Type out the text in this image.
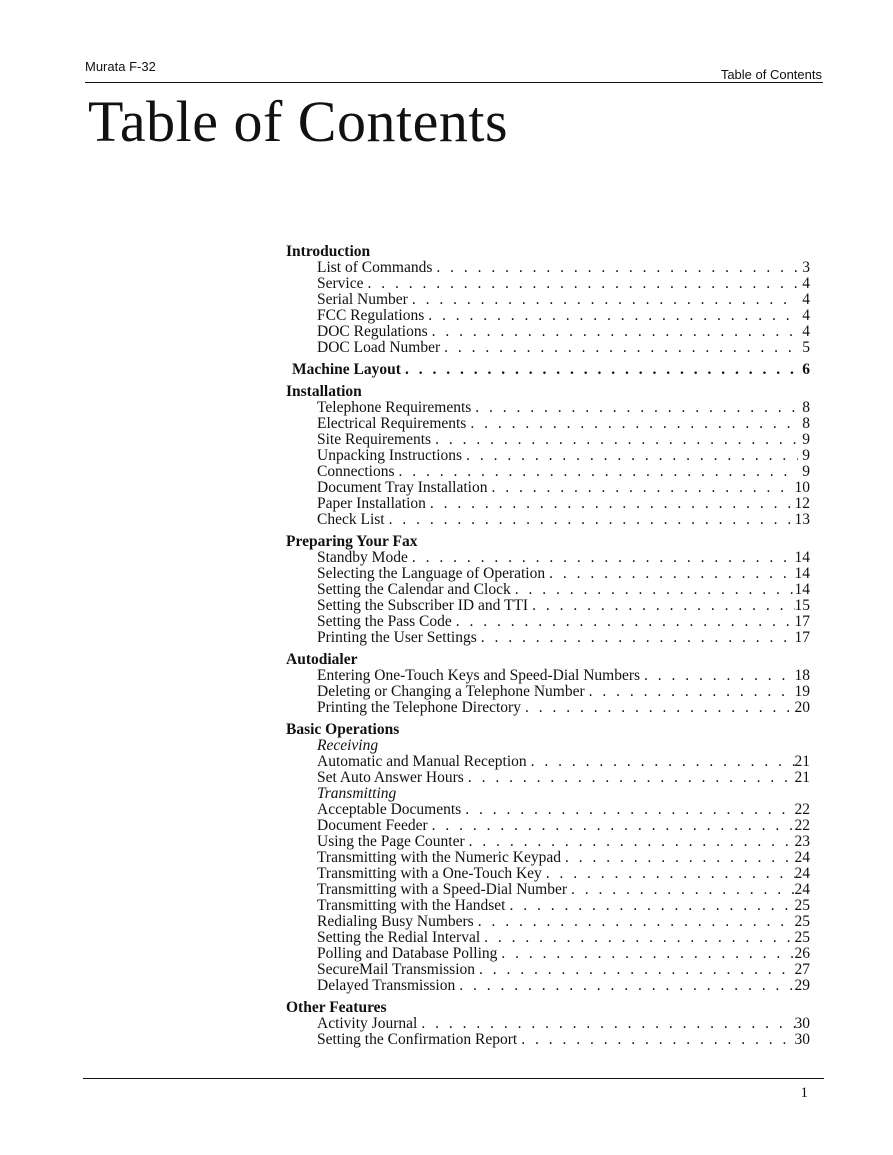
Murata F-32
Table of Contents
Table of Contents
Introduction
List of Commands . . .	3
Service . . .	4
Serial Number . . .	4
FCC Regulations . . .	4
DOC Regulations . . .	4
DOC Load Number . . .	5
Machine Layout . . .	6
Installation
Telephone Requirements . . .	8
Electrical Requirements . . .	8
Site Requirements . . .	9
Unpacking Instructions . . .	9
Connections . . .	9
Document Tray Installation . . .	10
Paper Installation . . .	12
Check List . . .	13
Preparing Your Fax
Standby Mode . . .	14
Selecting the Language of Operation . . .	14
Setting the Calendar and Clock . . .	14
Setting the Subscriber ID and TTI . . .	15
Setting the Pass Code . . .	17
Printing the User Settings . . .	17
Autodialer
Entering One-Touch Keys and Speed-Dial Numbers . . .	18
Deleting or Changing a Telephone Number . . .	19
Printing the Telephone Directory . . .	20
Basic Operations
Receiving
Automatic and Manual Reception . . .	21
Set Auto Answer Hours . . .	21
Transmitting
Acceptable Documents . . .	22
Document Feeder . . .	22
Using the Page Counter . . .	23
Transmitting with the Numeric Keypad . . .	24
Transmitting with a One-Touch Key . . .	24
Transmitting with a Speed-Dial Number . . .	24
Transmitting with the Handset . . .	25
Redialing Busy Numbers . . .	25
Setting the Redial Interval . . .	25
Polling and Database Polling . . .	26
SecureMail Transmission . . .	27
Delayed Transmission . . .	29
Other Features
Activity Journal . . .	30
Setting the Confirmation Report . . .	30
1
